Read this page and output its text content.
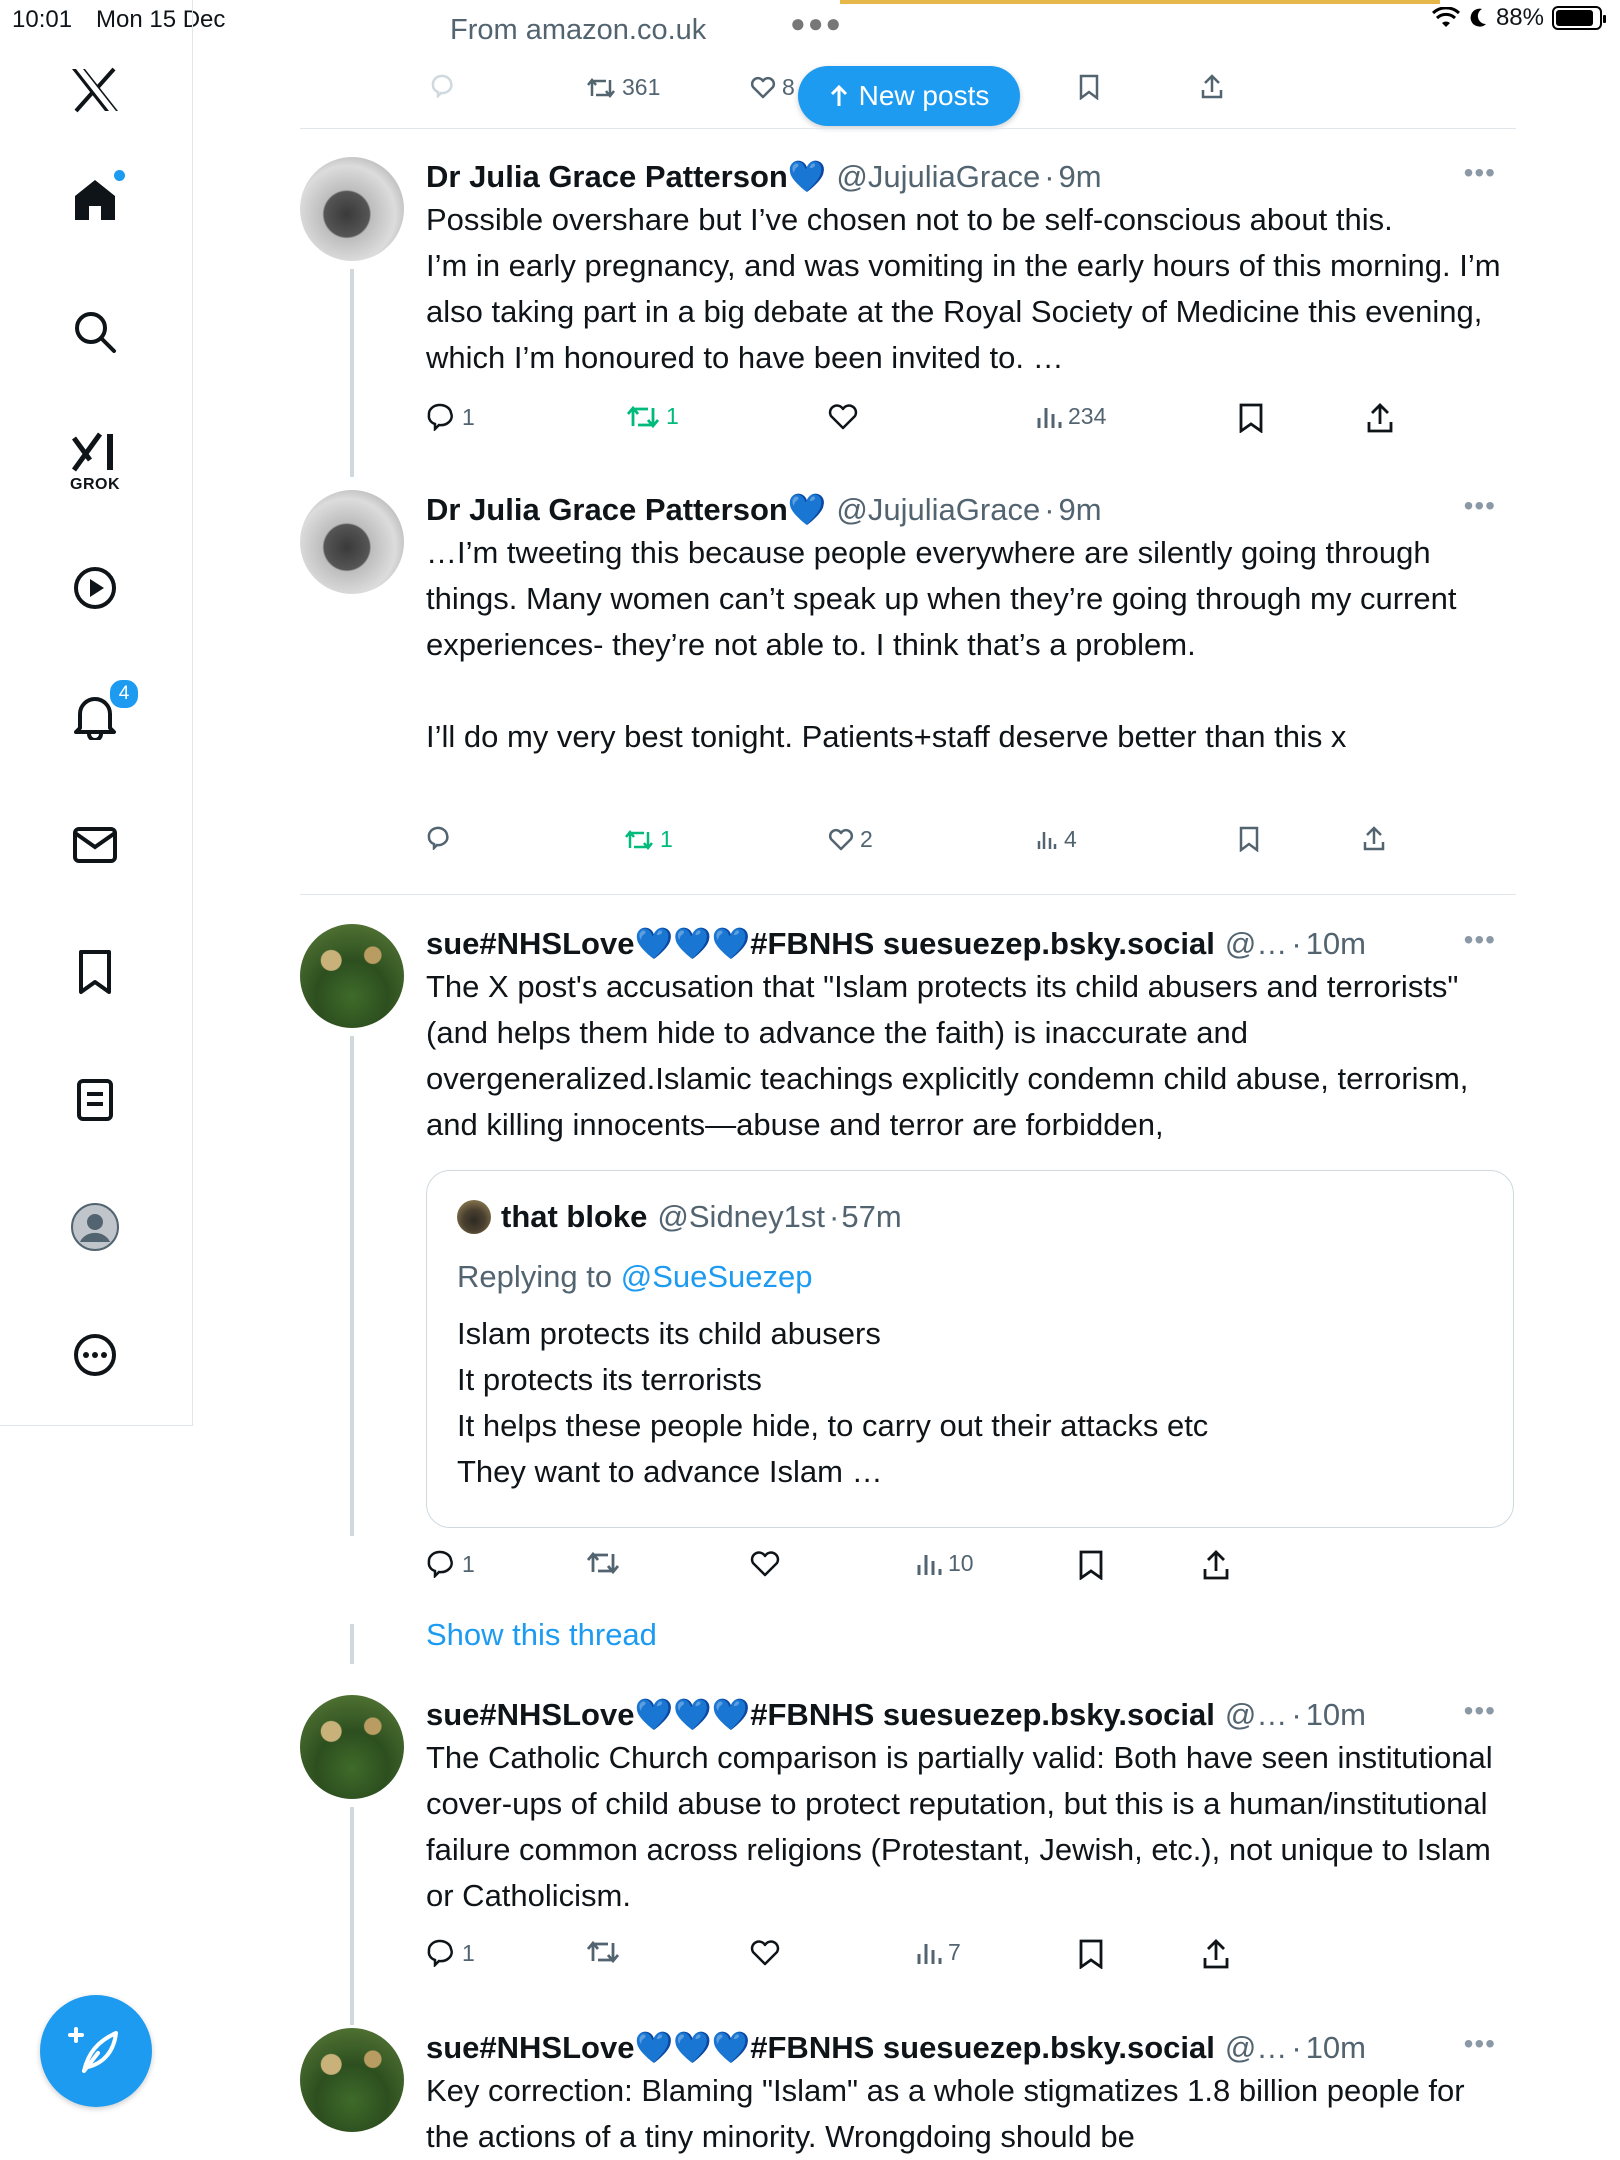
10:01 Mon 15 Dec	88%
●●●
GROK
4
From amazon.co.uk
361	8 New posts
Dr Julia Grace Patterson💙 @JujuliaGrace · 9m
Possible overshare but I’ve chosen not to be self-conscious about this.
I’m in early pregnancy, and was vomiting in the early hours of this morning. I’m also taking part in a big debate at the Royal Society of Medicine this evening, which I’m honoured to have been invited to. …
•••
1	1	234
Dr Julia Grace Patterson💙 @JujuliaGrace · 9m
…I’m tweeting this because people everywhere are silently going through things. Many women can’t speak up when they’re going through my current experiences- they’re not able to. I think that’s a problem.

I’ll do my very best tonight. Patients+staff deserve better than this x
•••
1	2	4
sue#NHSLove💙💙💙#FBNHS suesuezep.bsky.social @… · 10m
The X post's accusation that "Islam protects its child abusers and terrorists" (and helps them hide to advance the faith) is inaccurate and overgeneralized.Islamic teachings explicitly condemn child abuse, terrorism, and killing innocents—abuse and terror are forbidden,
•••
that bloke @Sidney1st · 57m
Replying to @SueSuezep
Islam protects its child abusers
It protects its terrorists
It helps these people hide, to carry out their attacks etc
They want to advance Islam …
1	10
Show this thread
sue#NHSLove💙💙💙#FBNHS suesuezep.bsky.social @… · 10m
The Catholic Church comparison is partially valid: Both have seen institutional cover-ups of child abuse to protect reputation, but this is a human/institutional failure common across religions (Protestant, Jewish, etc.), not unique to Islam or Catholicism.
•••
1	7
sue#NHSLove💙💙💙#FBNHS suesuezep.bsky.social @… · 10m
Key correction: Blaming "Islam" as a whole stigmatizes 1.8 billion people for the actions of a tiny minority. Wrongdoing should be
•••
